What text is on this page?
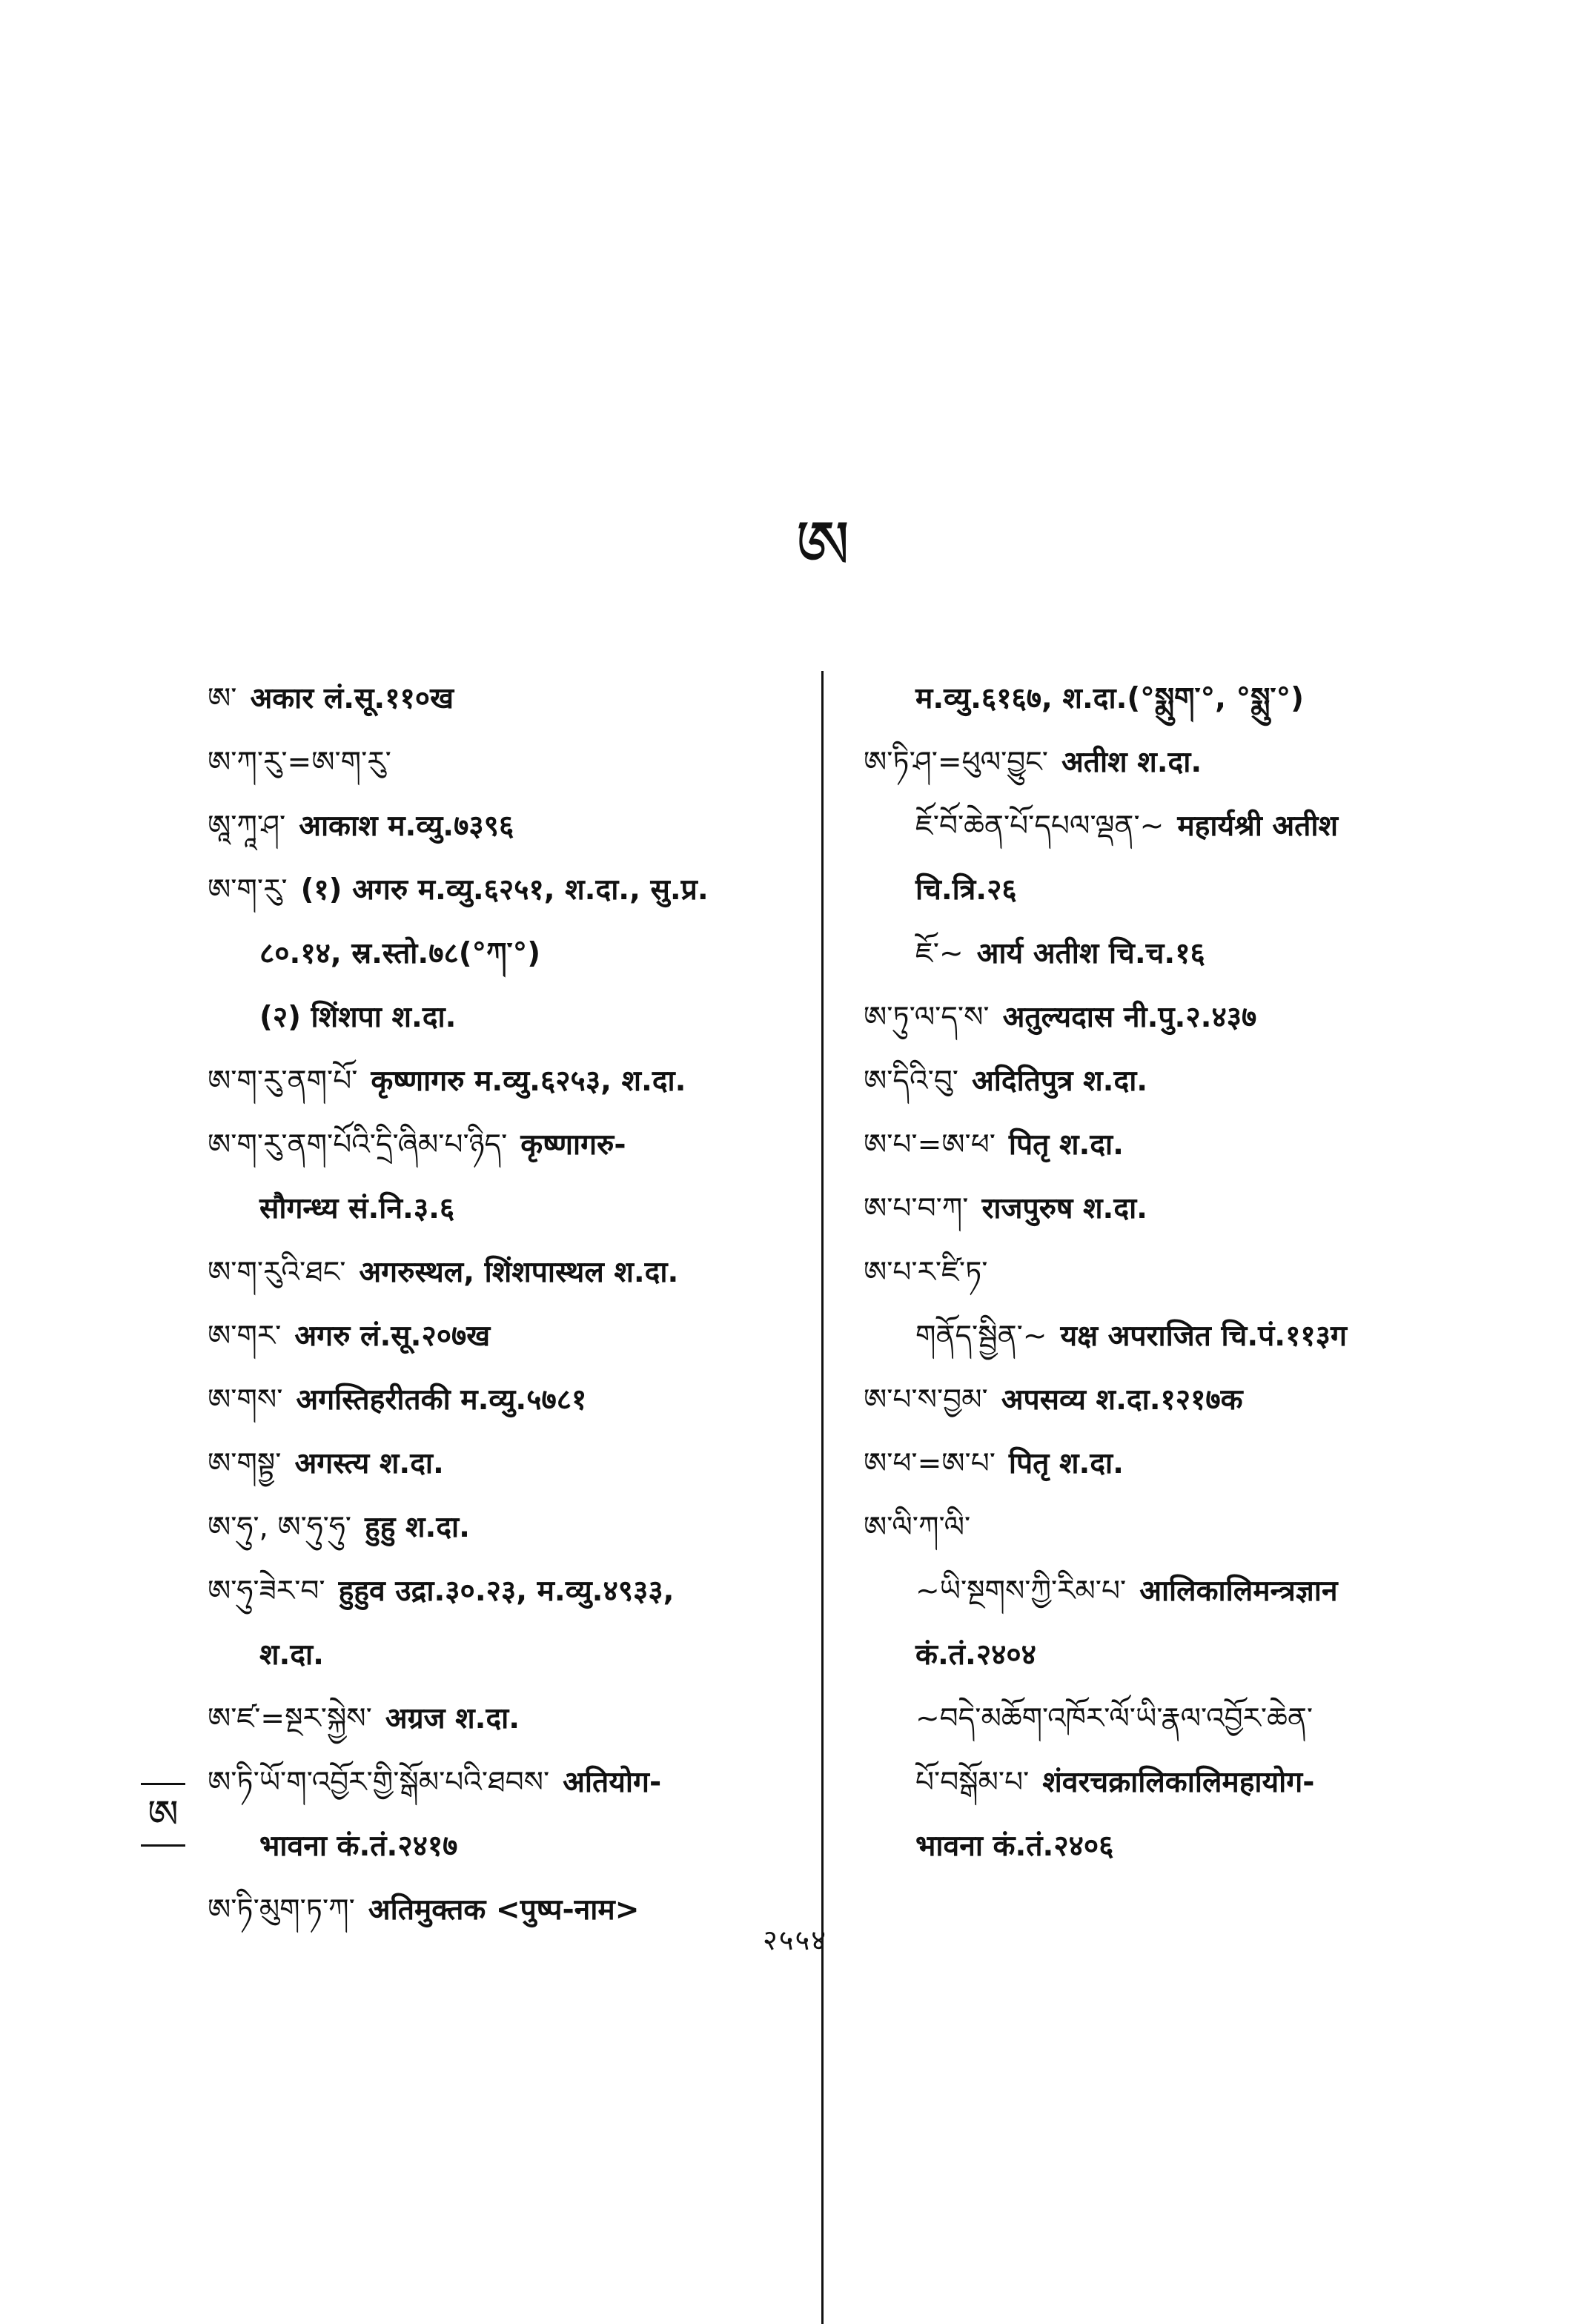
ཨ
ཨ་ अकार लं.सू.११०ख
ཨ་ཀ་རུ་=ཨ་ག་རུ་
ཨཱ་ཀཱ་ཤ་ आकाश म.व्यु.७३९६
ཨ་ག་རུ་ (१) अगरु म.व्यु.६२५१, श.दा., सु.प्र.
८०.१४, स्र.स्तो.७८(°ཀ་°)
(२) शिंशपा श.दा.
ཨ་ག་རུ་ནག་པོ་ कृष्णागरु म.व्यु.६२५३, श.दा.
ཨ་ག་རུ་ནག་པོའི་དྲི་ཞིམ་པ་ཉིད་ कृष्णागरु-
सौगन्ध्य सं.नि.३.६
ཨ་ག་རུའི་ཐང་ अगरुस्थल, शिंशपास्थल श.दा.
ཨ་གར་ अगरु लं.सू.२०७ख
ཨ་གས་ अगस्तिहरीतकी म.व्यु.५७८१
ཨ་གསྟྱ་ अगस्त्य श.दा.
ཨ་ཧུ་, ཨ་ཧུ་ཧུ་ हुहु श.दा.
ཨ་ཧུ་ཟེར་བ་ हुहुव उद्रा.३०.२३, म.व्यु.४९३३,
श.दा.
ཨ་ཛ་=སྔར་སྐྱེས་ अग्रज श.दा.
ཨ་ཏི་ཡོ་ག་འབྱོར་གྱི་སྒོམ་པའི་ཐབས་ अतियोग-
भावना कं.तं.२४१७
ཨ་ཏི་མུག་ཏ་ཀ་ अतिमुक्तक <पुष्प-नाम>
म.व्यु.६१६७, श.दा.(°སྨུག་°, °སྨུ་°)
ཨ་ཏི་ཤ་=ཕུལ་བྱུང་ अतीश श.दा.
ཇོ་བོ་ཆེན་པོ་དཔལ་ལྡན་~ महार्यश्री अतीश
चि.त्रि.२६
ཇོ་~ आर्य अतीश चि.च.१६
ཨ་ཏུ་ལ་ད་ས་ अतुल्यदास नी.पु.२.४३७
ཨ་དིའི་བུ་ अदितिपुत्र श.दा.
ཨ་པ་=ཨ་ཕ་ पितृ श.दा.
ཨ་པ་བ་ཀ་ राजपुरुष श.दा.
ཨ་པ་ར་ཛི་ཏ་
གནོད་སྦྱིན་~ यक्ष अपराजित चि.पं.११३ग
ཨ་པ་ས་བྱམ་ अपसव्य श.दा.१२१७क
ཨ་ཕ་=ཨ་པ་ पितृ श.दा.
ཨ་ལི་ཀ་ལི་
~ཡི་སྔགས་ཀྱི་རིམ་པ་ आलिकालिमन्त्रज्ञान
कं.तं.२४०४
~བདེ་མཆོག་འཁོར་ལོ་ཡི་རྣལ་འབྱོར་ཆེན་
པོ་བསྒོམ་པ་ शंवरचक्रालिकालिमहायोग-
भावना कं.तं.२४०६
ཨ
२५५४
